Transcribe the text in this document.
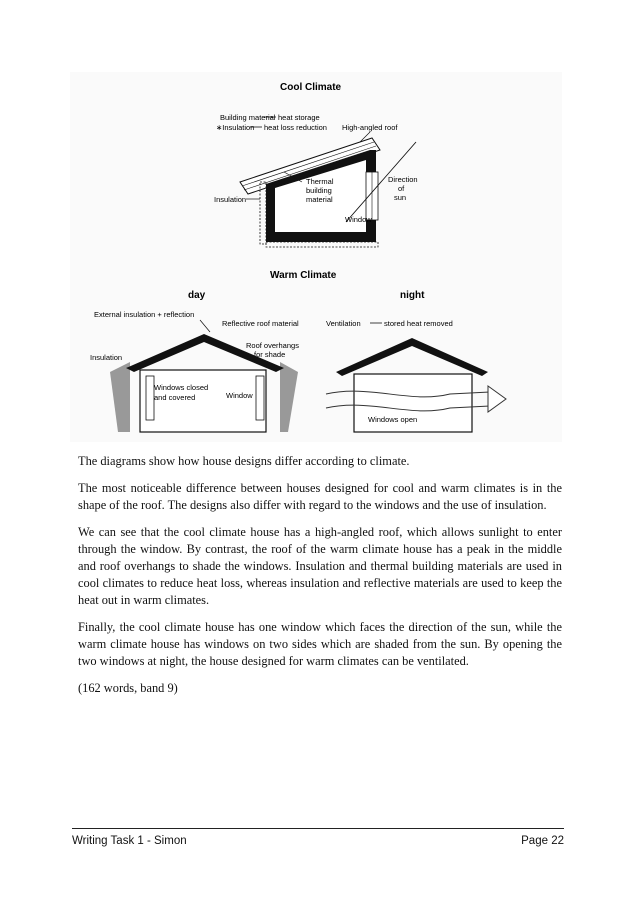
Cool Climate
Building material heat storage
∗Insulation heat loss reduction High-angled roof
Thermal
building
material
Direction
of
sun
Insulation
Window
Warm Climate
day	night
External insulation + reflection
Reflective roof material	Ventilation	stored heat removed
Insulation
Roof overhangs
for shade
Windows closed
and covered	Window
Windows open

The diagrams show how house designs differ according to climate.

The most noticeable difference between houses designed for cool and warm climates is in the shape of the roof. The designs also differ with regard to the windows and the use of insulation.

We can see that the cool climate house has a high-angled roof, which allows sunlight to enter through the window. By contrast, the roof of the warm climate house has a peak in the middle and roof overhangs to shade the windows. Insulation and thermal building materials are used in cool climates to reduce heat loss, whereas insulation and reflective materials are used to keep the heat out in warm climates.

Finally, the cool climate house has one window which faces the direction of the sun, while the warm climate house has windows on two sides which are shaded from the sun. By opening the two windows at night, the house designed for warm climates can be ventilated.

(162 words, band 9)

Writing Task 1 - Simon	Page 22
